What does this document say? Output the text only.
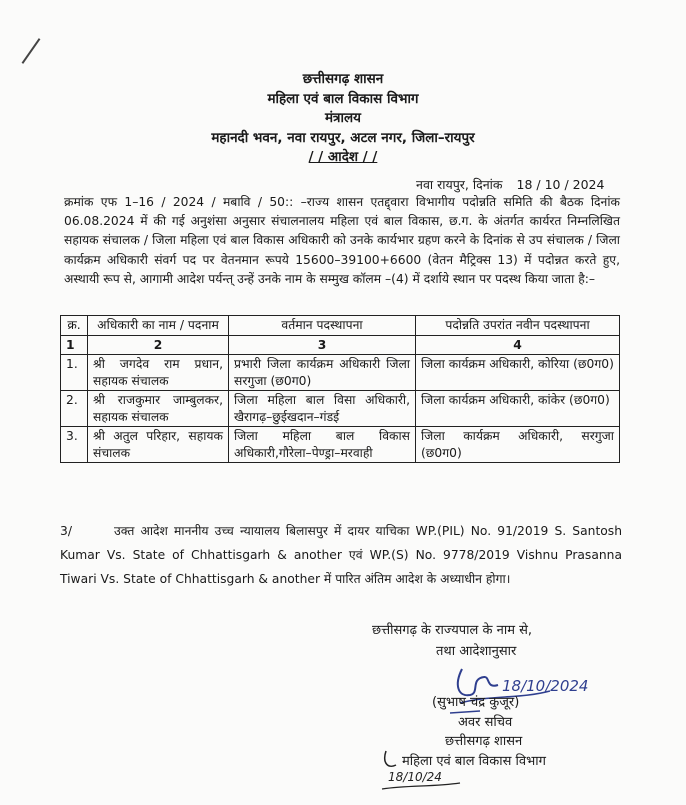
छत्तीसगढ़ शासन
महिला एवं बाल विकास विभाग
मंत्रालय
महानदी भवन, नवा रायपुर, अटल नगर, जिला–रायपुर
/ / आदेश / /
नवा रायपुर, दिनांक 18 / 10 / 2024
क्रमांक एफ 1–16 / 2024 / मबावि / 50:: –राज्य शासन एतद्द्वारा विभागीय पदोन्नति समिति की बैठक दिनांक 06.08.2024 में की गई अनुशंसा अनुसार संचालनालय महिला एवं बाल विकास, छ.ग. के अंतर्गत कार्यरत निम्नलिखित सहायक संचालक / जिला महिला एवं बाल विकास अधिकारी को उनके कार्यभार ग्रहण करने के दिनांक से उप संचालक / जिला कार्यक्रम अधिकारी संवर्ग पद पर वेतनमान रूपये 15600–39100+6600 (वेतन मैट्रिक्स 13) में पदोन्नत करते हुए, अस्थायी रूप से, आगामी आदेश पर्यन्त् उन्हें उनके नाम के सम्मुख कॉलम –(4) में दर्शाये स्थान पर पदस्थ किया जाता है:–
क्र.	अधिकारी का नाम / पदनाम	वर्तमान पदस्थापना	पदोन्नति उपरांत नवीन पदस्थापना
1	2	3	4
1.	श्री जगदेव राम प्रधान, सहायक संचालक	प्रभारी जिला कार्यक्रम अधिकारी जिला सरगुजा (छ0ग0)	जिला कार्यक्रम अधिकारी, कोरिया (छ0ग0)
2.	श्री राजकुमार जाम्बुलकर, सहायक संचालक	जिला महिला बाल विसा अधिकारी, खैरागढ़–छुईखदान–गंडई	जिला कार्यक्रम अधिकारी, कांकेर (छ0ग0)
3.	श्री अतुल परिहार, सहायक संचालक	जिला महिला बाल विकास अधिकारी,गौरेला–पेण्ड्रा–मरवाही	जिला कार्यक्रम अधिकारी, सरगुजा (छ0ग0)
3/	उक्त आदेश माननीय उच्च न्यायालय बिलासपुर में दायर याचिका WP.(PIL) No. 91/2019 S. Santosh Kumar Vs. State of Chhattisgarh & another एवं WP.(S) No. 9778/2019 Vishnu Prasanna Tiwari Vs. State of Chhattisgarh & another में पारित अंतिम आदेश के अध्याधीन होगा।
छत्तीसगढ़ के राज्यपाल के नाम से,
तथा आदेशानुसार
18/10/2024
(सुभाष चंद्र कुजूर)
अवर सचिव
छत्तीसगढ़ शासन
महिला एवं बाल विकास विभाग
18/10/24
